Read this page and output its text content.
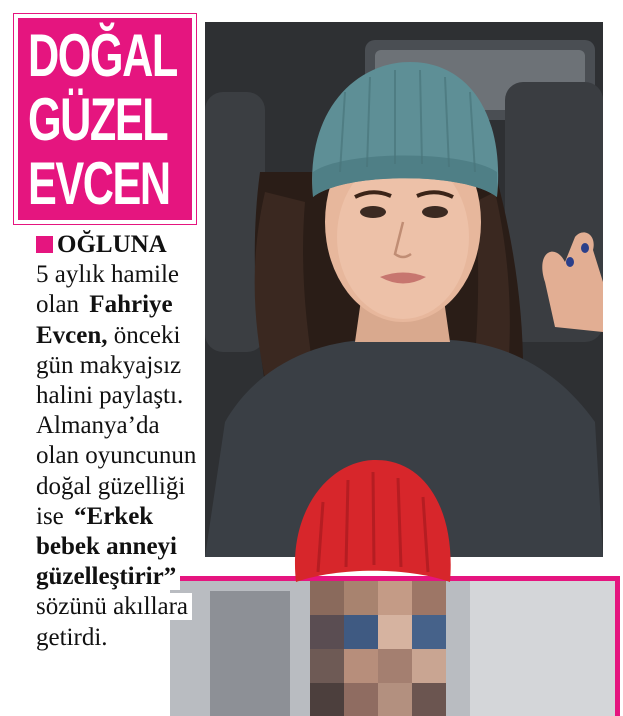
DOĞAL
GÜZEL
EVCEN
OĞLUNA
5 aylık hamile
olan Fahriye
Evcen, önceki
gün makyajsız
halini paylaştı.
Almanya’da
olan oyuncunun
doğal güzelliği
ise “Erkek
bebek anneyi
güzelleştirir”
sözünü akıllara
getirdi.
